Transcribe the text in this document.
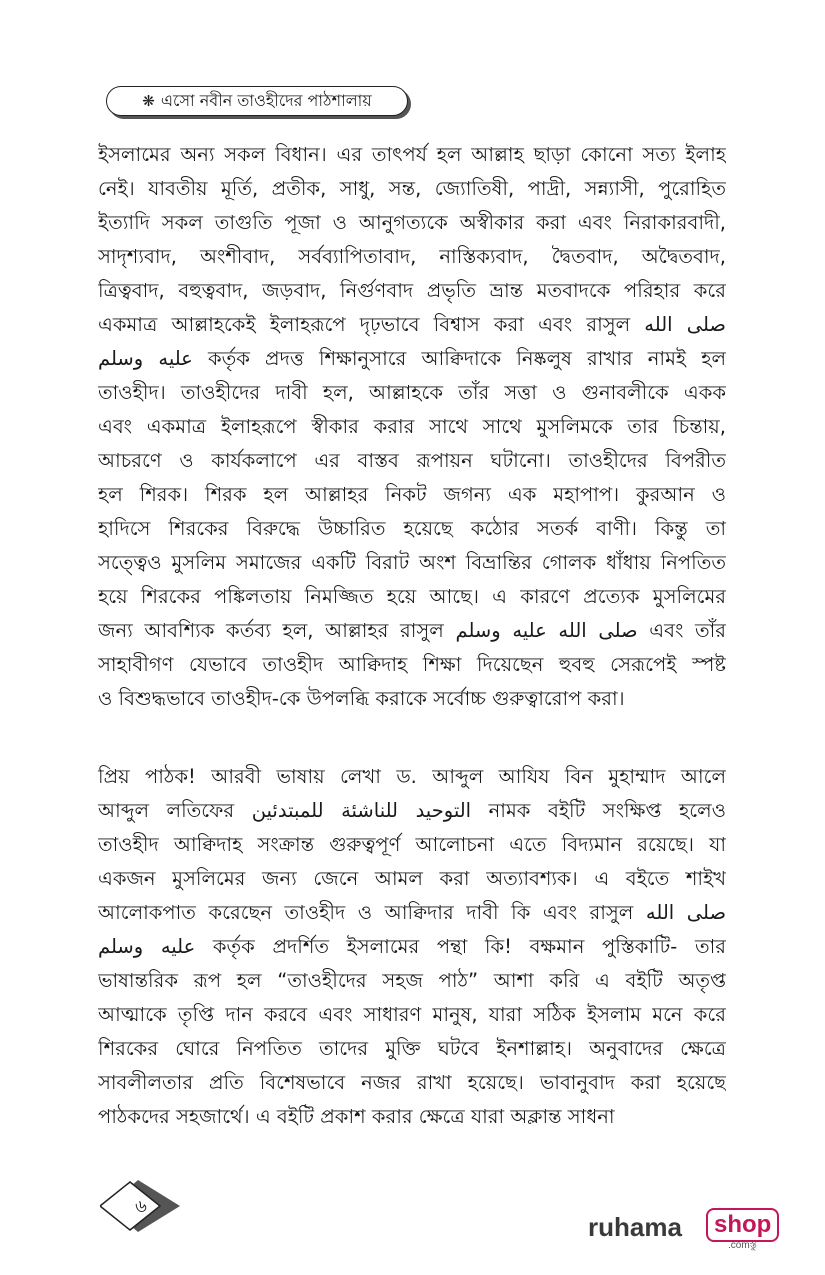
❋ এসো নবীন তাওহীদের পাঠশালায়
ইসলামের অন্য সকল বিধান। এর তাৎপর্য হল আল্লাহ ছাড়া কোনো সত্য ইলাহ
নেই। যাবতীয় মূর্তি, প্রতীক, সাধু, সন্ত, জ্যোতিষী, পাদ্রী, সন্ন্যাসী, পুরোহিত
ইত্যাদি সকল তাগুতি পূজা ও আনুগত্যকে অস্বীকার করা এবং নিরাকারবাদী,
সাদৃশ্যবাদ, অংশীবাদ, সর্বব্যাপিতাবাদ, নাস্তিক্যবাদ, দ্বৈতবাদ, অদ্বৈতবাদ,
ত্রিত্ববাদ, বহুত্ববাদ, জড়বাদ, নির্গুণবাদ প্রভৃতি ভ্রান্ত মতবাদকে পরিহার করে
একমাত্র আল্লাহকেই ইলাহরূপে দৃঢ়ভাবে বিশ্বাস করা এবং রাসুল صلى الله
عليه وسلم কর্তৃক প্রদত্ত শিক্ষানুসারে আক্বিদাকে নিষ্কলুষ রাখার নামই হল
তাওহীদ। তাওহীদের দাবী হল, আল্লাহকে তাঁর সত্তা ও গুনাবলীকে একক
এবং একমাত্র ইলাহরূপে স্বীকার করার সাথে সাথে মুসলিমকে তার চিন্তায়,
আচরণে ও কার্যকলাপে এর বাস্তব রূপায়ন ঘটানো। তাওহীদের বিপরীত
হল শিরক। শিরক হল আল্লাহর নিকট জগন্য এক মহাপাপ। কুরআন ও
হাদিসে শিরকের বিরুদ্ধে উচ্চারিত হয়েছে কঠোর সতর্ক বাণী। কিন্তু তা
সত্ত্বেও মুসলিম সমাজের একটি বিরাট অংশ বিভ্রান্তির গোলক ধাঁধায় নিপতিত
হয়ে শিরকের পঙ্কিলতায় নিমজ্জিত হয়ে আছে। এ কারণে প্রত্যেক মুসলিমের
জন্য আবশ্যিক কর্তব্য হল, আল্লাহর রাসুল صلى الله عليه وسلم এবং তাঁর
সাহাবীগণ যেভাবে তাওহীদ আক্বিদাহ শিক্ষা দিয়েছেন হুবহু সেরূপেই স্পষ্ট
ও বিশুদ্ধভাবে তাওহীদ-কে উপলব্ধি করাকে সর্বোচ্চ গুরুত্বারোপ করা।
প্রিয় পাঠক! আরবী ভাষায় লেখা ড. আব্দুল আযিয বিন মুহাম্মাদ আলে
আব্দুল লতিফের التوحيد للناشئة للمبتدئين নামক বইটি সংক্ষিপ্ত হলেও
তাওহীদ আক্বিদাহ সংক্রান্ত গুরুত্বপূর্ণ আলোচনা এতে বিদ্যমান রয়েছে। যা
একজন মুসলিমের জন্য জেনে আমল করা অত্যাবশ্যক। এ বইতে শাইখ
আলোকপাত করেছেন তাওহীদ ও আক্বিদার দাবী কি এবং রাসুল صلى الله
عليه وسلم কর্তৃক প্রদর্শিত ইসলামের পন্থা কি! বক্ষমান পুস্তিকাটি- তার
ভাষান্তরিক রূপ হল “তাওহীদের সহজ পাঠ” আশা করি এ বইটি অতৃপ্ত
আত্মাকে তৃপ্তি দান করবে এবং সাধারণ মানুষ, যারা সঠিক ইসলাম মনে করে
শিরকের ঘোরে নিপতিত তাদের মুক্তি ঘটবে ইনশাল্লাহ। অনুবাদের ক্ষেত্রে
সাবলীলতার প্রতি বিশেষভাবে নজর রাখা হয়েছে। ভাবানুবাদ করা হয়েছে
পাঠকদের সহজার্থে। এ বইটি প্রকাশ করার ক্ষেত্রে যারা অক্লান্ত সাধনা
৬
ruhama	shop
.comস্তু
